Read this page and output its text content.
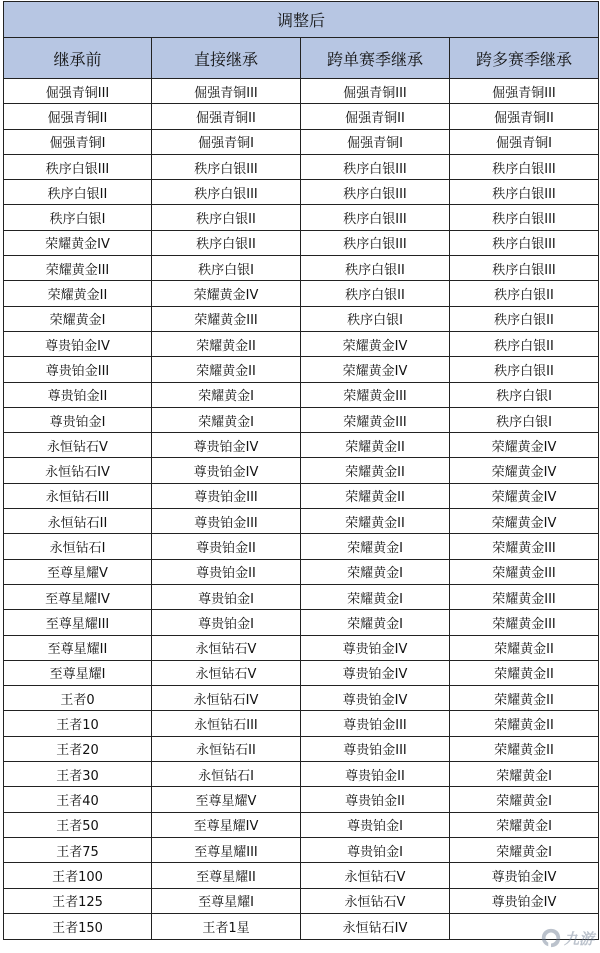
调整后
继承前	直接继承	跨单赛季继承	跨多赛季继承
倔强青铜III	倔强青铜III	倔强青铜III	倔强青铜III
倔强青铜II	倔强青铜II	倔强青铜II	倔强青铜II
倔强青铜I	倔强青铜I	倔强青铜I	倔强青铜I
秩序白银III	秩序白银III	秩序白银III	秩序白银III
秩序白银II	秩序白银III	秩序白银III	秩序白银III
秩序白银I	秩序白银II	秩序白银III	秩序白银III
荣耀黄金IV	秩序白银II	秩序白银III	秩序白银III
荣耀黄金III	秩序白银I	秩序白银II	秩序白银III
荣耀黄金II	荣耀黄金IV	秩序白银II	秩序白银II
荣耀黄金I	荣耀黄金III	秩序白银I	秩序白银II
尊贵铂金IV	荣耀黄金II	荣耀黄金IV	秩序白银II
尊贵铂金III	荣耀黄金II	荣耀黄金IV	秩序白银II
尊贵铂金II	荣耀黄金I	荣耀黄金III	秩序白银I
尊贵铂金I	荣耀黄金I	荣耀黄金III	秩序白银I
永恒钻石V	尊贵铂金IV	荣耀黄金II	荣耀黄金IV
永恒钻石IV	尊贵铂金IV	荣耀黄金II	荣耀黄金IV
永恒钻石III	尊贵铂金III	荣耀黄金II	荣耀黄金IV
永恒钻石II	尊贵铂金III	荣耀黄金II	荣耀黄金IV
永恒钻石I	尊贵铂金II	荣耀黄金I	荣耀黄金III
至尊星耀V	尊贵铂金II	荣耀黄金I	荣耀黄金III
至尊星耀IV	尊贵铂金I	荣耀黄金I	荣耀黄金III
至尊星耀III	尊贵铂金I	荣耀黄金I	荣耀黄金III
至尊星耀II	永恒钻石V	尊贵铂金IV	荣耀黄金II
至尊星耀I	永恒钻石V	尊贵铂金IV	荣耀黄金II
王者0	永恒钻石IV	尊贵铂金IV	荣耀黄金II
王者10	永恒钻石III	尊贵铂金III	荣耀黄金II
王者20	永恒钻石II	尊贵铂金III	荣耀黄金II
王者30	永恒钻石I	尊贵铂金II	荣耀黄金I
王者40	至尊星耀V	尊贵铂金II	荣耀黄金I
王者50	至尊星耀IV	尊贵铂金I	荣耀黄金I
王者75	至尊星耀III	尊贵铂金I	荣耀黄金I
王者100	至尊星耀II	永恒钻石V	尊贵铂金IV
王者125	至尊星耀I	永恒钻石V	尊贵铂金IV
王者150	王者1星	永恒钻石IV
九游
